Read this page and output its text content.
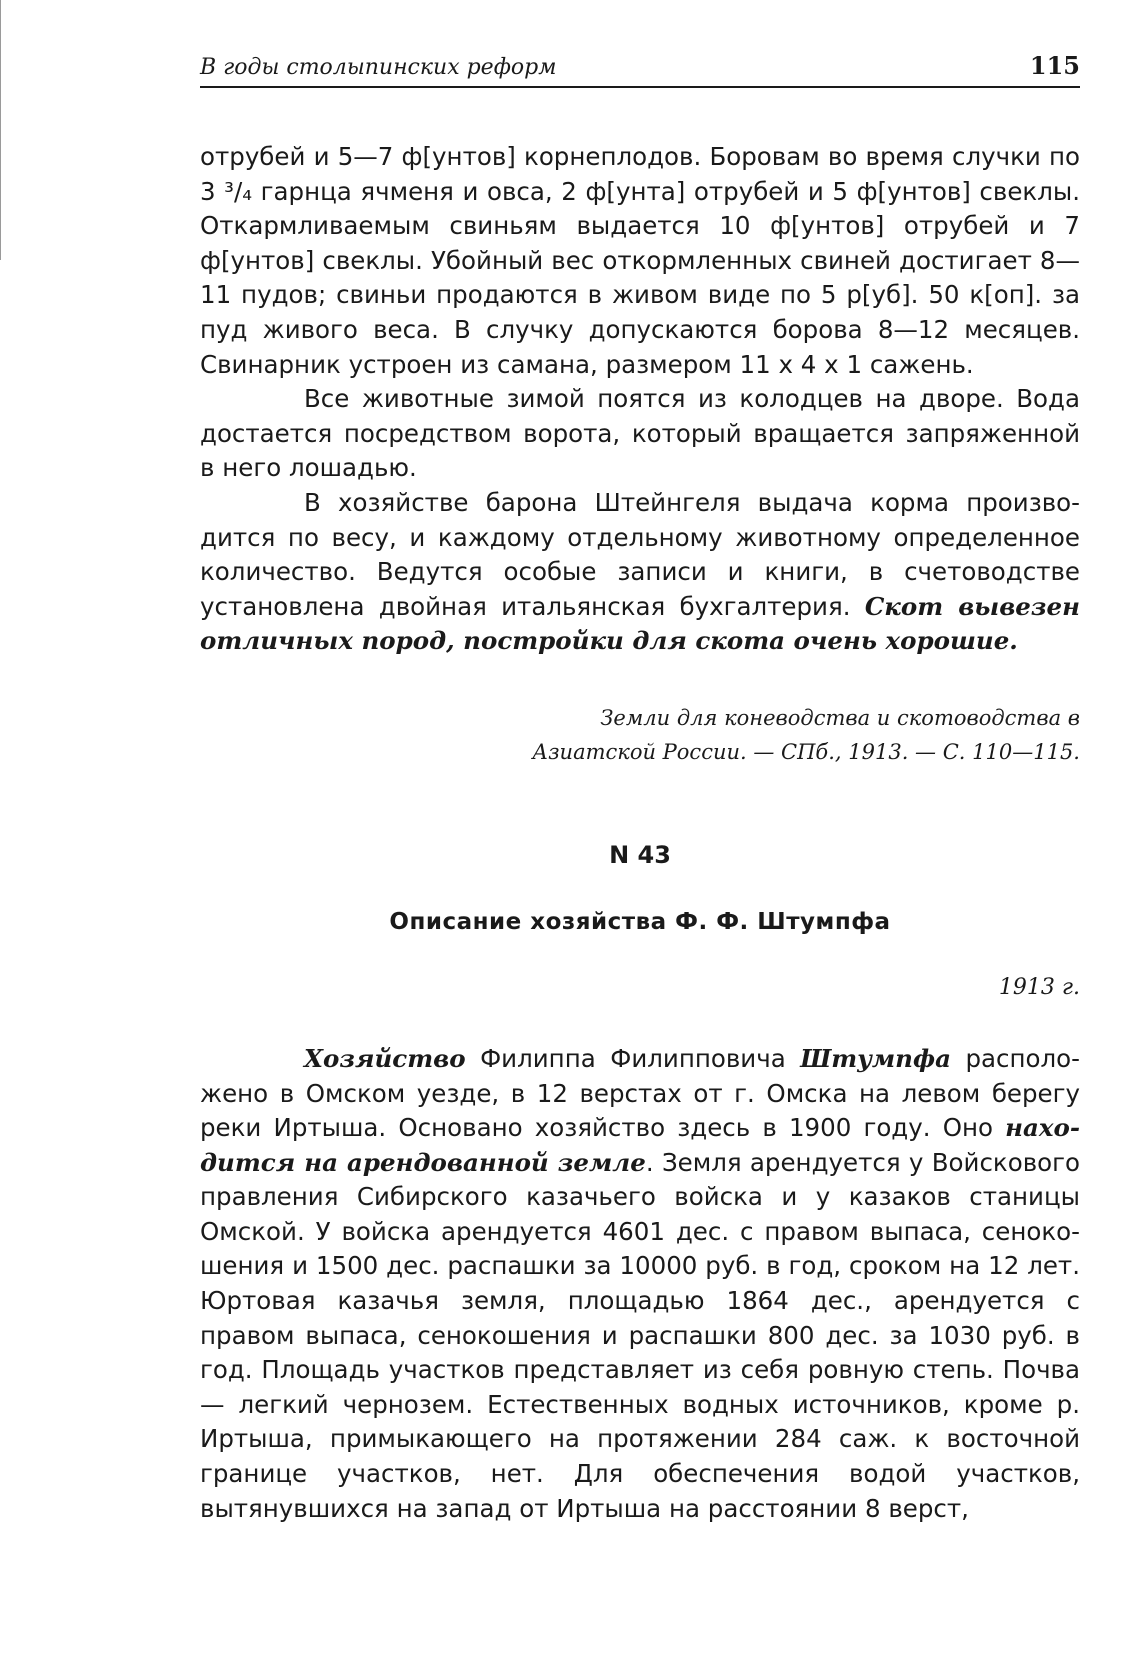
В годы столыпинских реформ	115

отрубей и 5—7 ф[унтов] корнеплодов. Боровам во время случки по 3 ³/₄ гарнца ячменя и овса, 2 ф[унта] отрубей и 5 ф[унтов] свеклы. Откармливаемым свиньям выдается 10 ф[унтов] отрубей и 7 ф[унтов] свеклы. Убойный вес откормленных свиней достигает 8—11 пудов; свиньи продаются в живом виде по 5 р[уб]. 50 к[оп]. за пуд живого веса. В случку допускаются борова 8—12 месяцев. Свинарник устроен из самана, размером 11 x 4 x 1 сажень.

Все животные зимой поятся из колодцев на дворе. Вода достается посредством ворота, который вращается запряженной в него лошадью.

В хозяйстве барона Штейнгеля выдача корма производится по весу, и каждому отдельному животному определенное количество. Ведутся особые записи и книги, в счетоводстве установлена двойная итальянская бухгалтерия. Скот вывезен отличных пород, постройки для скота очень хорошие.

Земли для коневодства и скотоводства в
Азиатской России. — СПб., 1913. — С. 110—115.
N 43
Описание хозяйства Ф. Ф. Штумпфа
1913 г.

Хозяйство Филиппа Филипповича Штумпфа расположено в Омском уезде, в 12 верстах от г. Омска на левом берегу реки Иртыша. Основано хозяйство здесь в 1900 году. Оно находится на арендованной земле. Земля арендуется у Войскового правления Сибирского казачьего войска и у казаков станицы Омской. У войска арендуется 4601 дес. с правом выпаса, сенокошения и 1500 дес. распашки за 10000 руб. в год, сроком на 12 лет. Юртовая казачья земля, площадью 1864 дес., арендуется с правом выпаса, сенокошения и распашки 800 дес. за 1030 руб. в год. Площадь участков представляет из себя ровную степь. Почва — легкий чернозем. Естественных водных источников, кроме р. Иртыша, примыкающего на протяжении 284 саж. к восточной границе участков, нет. Для обеспечения водой участков, вытянувшихся на запад от Иртыша на расстоянии 8 верст,
